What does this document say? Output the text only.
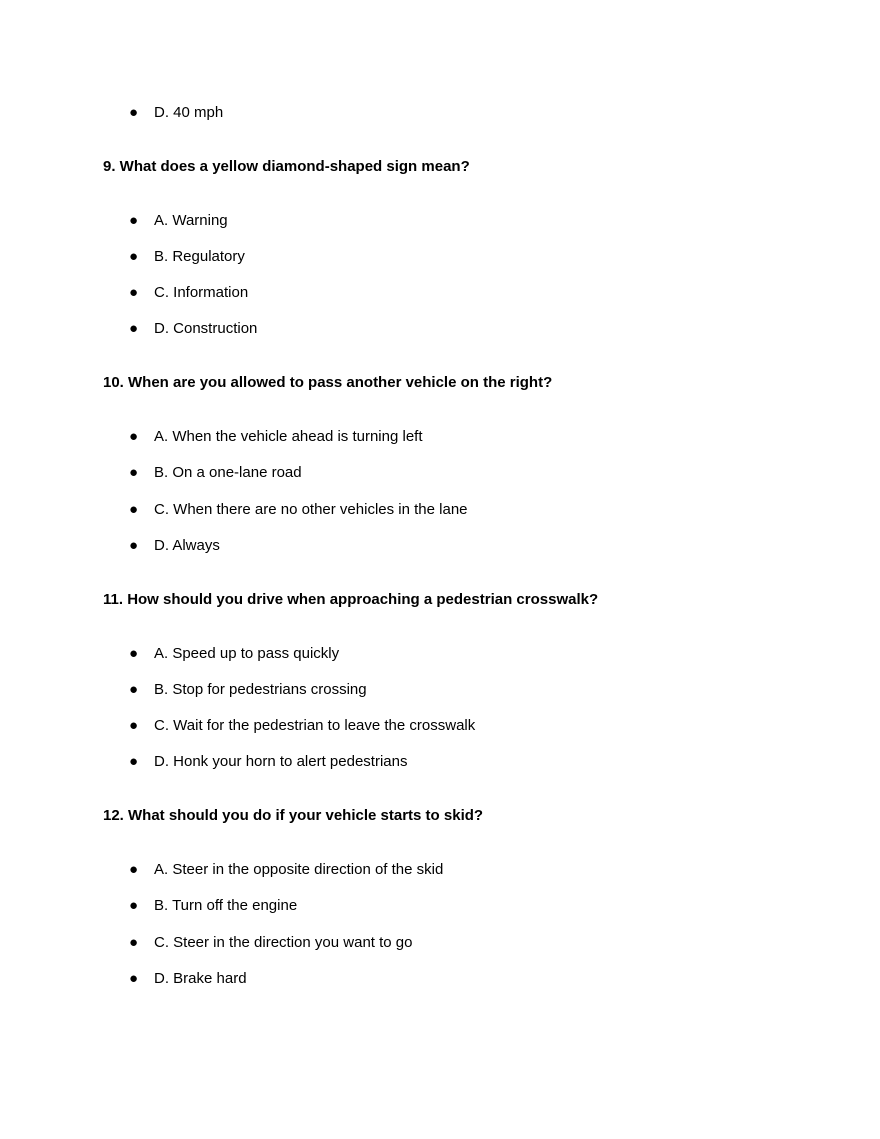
●	D. 40 mph
9. What does a yellow diamond-shaped sign mean?
●	A. Warning
●	B. Regulatory
●	C. Information
●	D. Construction
10. When are you allowed to pass another vehicle on the right?
●	A. When the vehicle ahead is turning left
●	B. On a one-lane road
●	C. When there are no other vehicles in the lane
●	D. Always
11. How should you drive when approaching a pedestrian crosswalk?
●	A. Speed up to pass quickly
●	B. Stop for pedestrians crossing
●	C. Wait for the pedestrian to leave the crosswalk
●	D. Honk your horn to alert pedestrians
12. What should you do if your vehicle starts to skid?
●	A. Steer in the opposite direction of the skid
●	B. Turn off the engine
●	C. Steer in the direction you want to go
●	D. Brake hard
